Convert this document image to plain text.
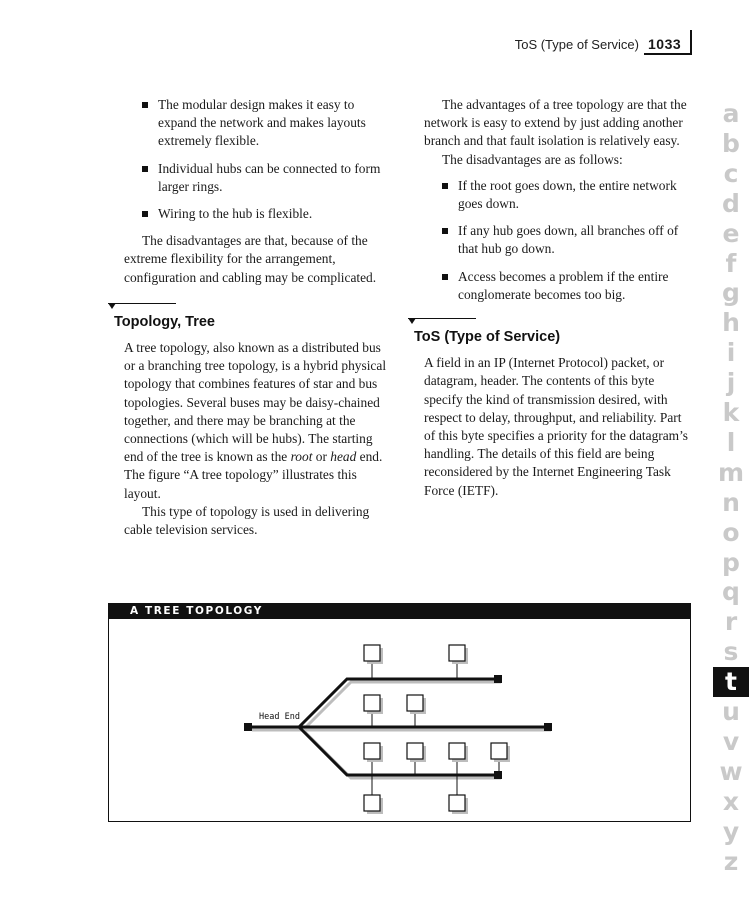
ToS (Type of Service) 1033
The modular design makes it easy to expand the network and makes layouts extremely flexible.
Individual hubs can be connected to form larger rings.
Wiring to the hub is flexible.

The disadvantages are that, because of the extreme flexibility for the arrangement, configuration and cabling may be complicated.

Topology, Tree

A tree topology, also known as a distributed bus or a branching tree topology, is a hybrid physical topology that combines features of star and bus topologies. Several buses may be daisy-chained together, and there may be branching at the connections (which will be hubs). The starting end of the tree is known as the root or head end. The figure “A tree topology” illustrates this layout.

This type of topology is used in delivering cable television services.

The advantages of a tree topology are that the network is easy to extend by just adding another branch and that fault isolation is relatively easy.

The disadvantages are as follows:

If the root goes down, the entire network goes down.
If any hub goes down, all branches off of that hub go down.
Access becomes a problem if the entire conglomerate becomes too big.
ToS (Type of Service)

A field in an IP (Internet Protocol) packet, or datagram, header. The contents of this byte specify the kind of transmission desired, with respect to delay, throughput, and reliability. Part of this byte specifies a priority for the datagram’s handling. The details of this field are being reconsidered by the Internet Engineering Task Force (IETF).

A TREE TOPOLOGY
Head End
a
b
c
d
e
f
g
h
i
j
k
l
m
n
o
p
q
r
s
t
u
v
w
x
y
z
